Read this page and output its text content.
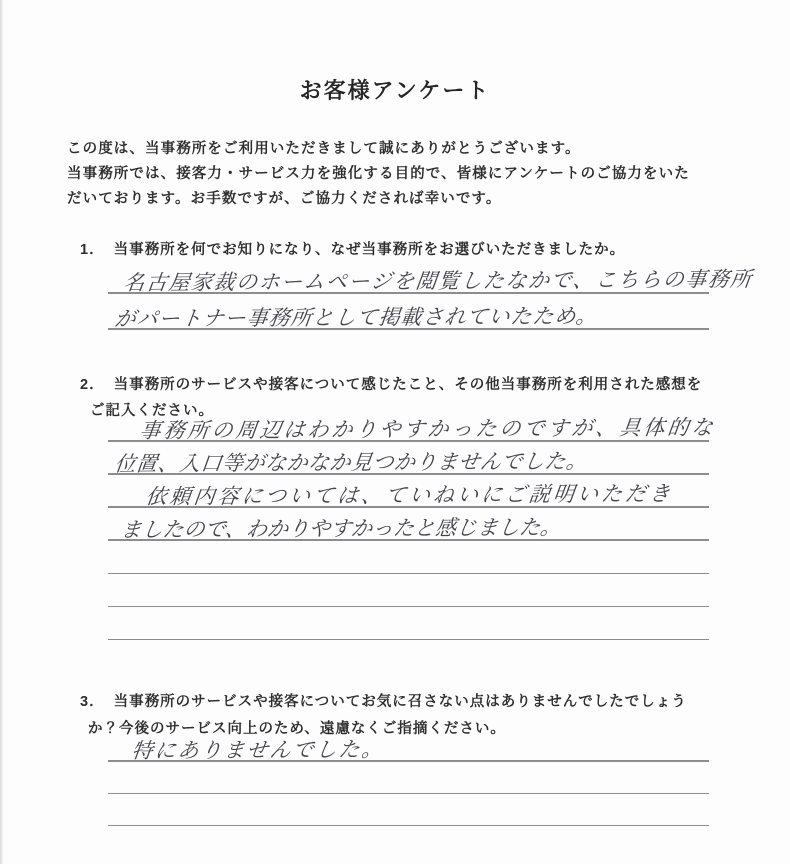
お客様アンケート

この度は、当事務所をご利用いただきまして誠にありがとうございます。

当事務所では、接客力・サービス力を強化する目的で、皆様にアンケートのご協力をいた

だいております。お手数ですが、ご協力くだされば幸いです。

1． 当事務所を何でお知りになり、なぜ当事務所をお選びいただきましたか。
名古屋家裁のホームページを閲覧したなかで、こちらの事務所
がパートナー事務所として掲載されていたため。
2． 当事務所のサービスや接客について感じたこと、その他当事務所を利用された感想を
ご記入ください。
事務所の周辺はわかりやすかったのですが、具体的な
位置、入口等がなかなか見つかりませんでした。
依頼内容については、ていねいにご説明いただき
ましたので、わかりやすかったと感じました。
3． 当事務所のサービスや接客についてお気に召さない点はありませんでしたでしょう
か？今後のサービス向上のため、遠慮なくご指摘ください。
特にありませんでした。
